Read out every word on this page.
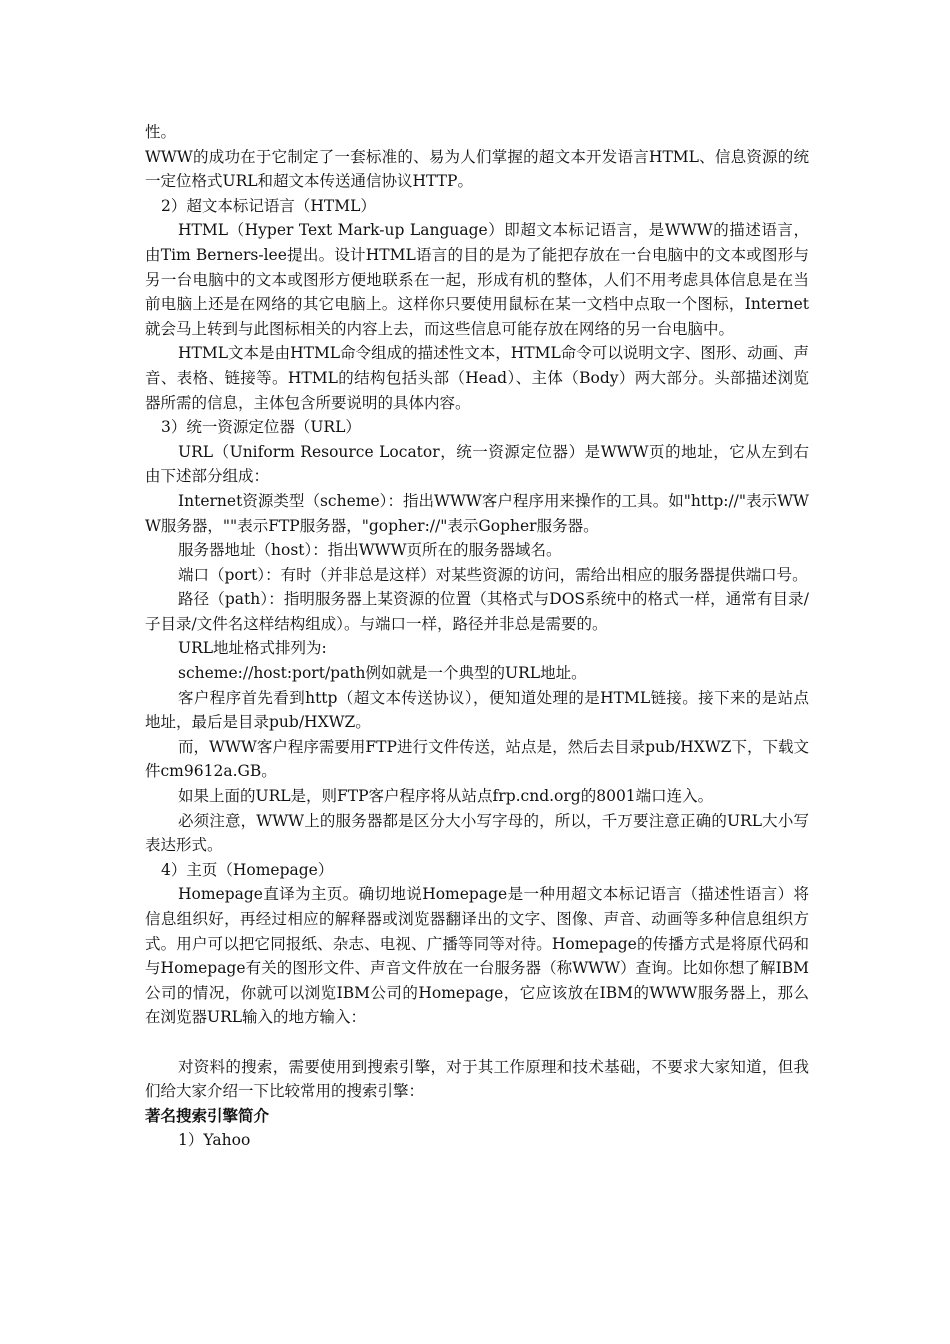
性。

WWW的成功在于它制定了一套标准的、易为人们掌握的超文本开发语言HTML、信息资源的统一定位格式URL和超文本传送通信协议HTTP。

2）超文本标记语言（HTML）

HTML（Hyper Text Mark-up Language）即超文本标记语言，是WWW的描述语言，由Tim Berners-lee提出。设计HTML语言的目的是为了能把存放在一台电脑中的文本或图形与另一台电脑中的文本或图形方便地联系在一起，形成有机的整体，人们不用考虑具体信息是在当前电脑上还是在网络的其它电脑上。这样你只要使用鼠标在某一文档中点取一个图标，Internet就会马上转到与此图标相关的内容上去，而这些信息可能存放在网络的另一台电脑中。

HTML文本是由HTML命令组成的描述性文本，HTML命令可以说明文字、图形、动画、声音、表格、链接等。HTML的结构包括头部（Head）、主体（Body）两大部分。头部描述浏览器所需的信息，主体包含所要说明的具体内容。

3）统一资源定位器（URL）

URL（Uniform Resource Locator，统一资源定位器）是WWW页的地址，它从左到右由下述部分组成：

Internet资源类型（scheme）：指出WWW客户程序用来操作的工具。如"http://"表示WWW服务器，""表示FTP服务器，"gopher://"表示Gopher服务器。

服务器地址（host）：指出WWW页所在的服务器域名。

端口（port）：有时（并非总是这样）对某些资源的访问，需给出相应的服务器提供端口号。

路径（path）：指明服务器上某资源的位置（其格式与DOS系统中的格式一样，通常有目录/子目录/文件名这样结构组成）。与端口一样，路径并非总是需要的。

URL地址格式排列为:

scheme://host:port/path例如就是一个典型的URL地址。

客户程序首先看到http（超文本传送协议），便知道处理的是HTML链接。接下来的是站点地址，最后是目录pub/HXWZ。

而，WWW客户程序需要用FTP进行文件传送，站点是，然后去目录pub/HXWZ下，下载文件cm9612a.GB。

如果上面的URL是，则FTP客户程序将从站点frp.cnd.org的8001端口连入。

必须注意，WWW上的服务器都是区分大小写字母的，所以，千万要注意正确的URL大小写表达形式。

4）主页（Homepage）

Homepage直译为主页。确切地说Homepage是一种用超文本标记语言（描述性语言）将信息组织好，再经过相应的解释器或浏览器翻译出的文字、图像、声音、动画等多种信息组织方式。用户可以把它同报纸、杂志、电视、广播等同等对待。Homepage的传播方式是将原代码和与Homepage有关的图形文件、声音文件放在一台服务器（称WWW）查询。比如你想了解IBM公司的情况，你就可以浏览IBM公司的Homepage，它应该放在IBM的WWW服务器上，那么在浏览器URL输入的地方输入：

对资料的搜索，需要使用到搜索引擎，对于其工作原理和技术基础，不要求大家知道，但我们给大家介绍一下比较常用的搜索引擎：

著名搜索引擎简介

1）Yahoo
